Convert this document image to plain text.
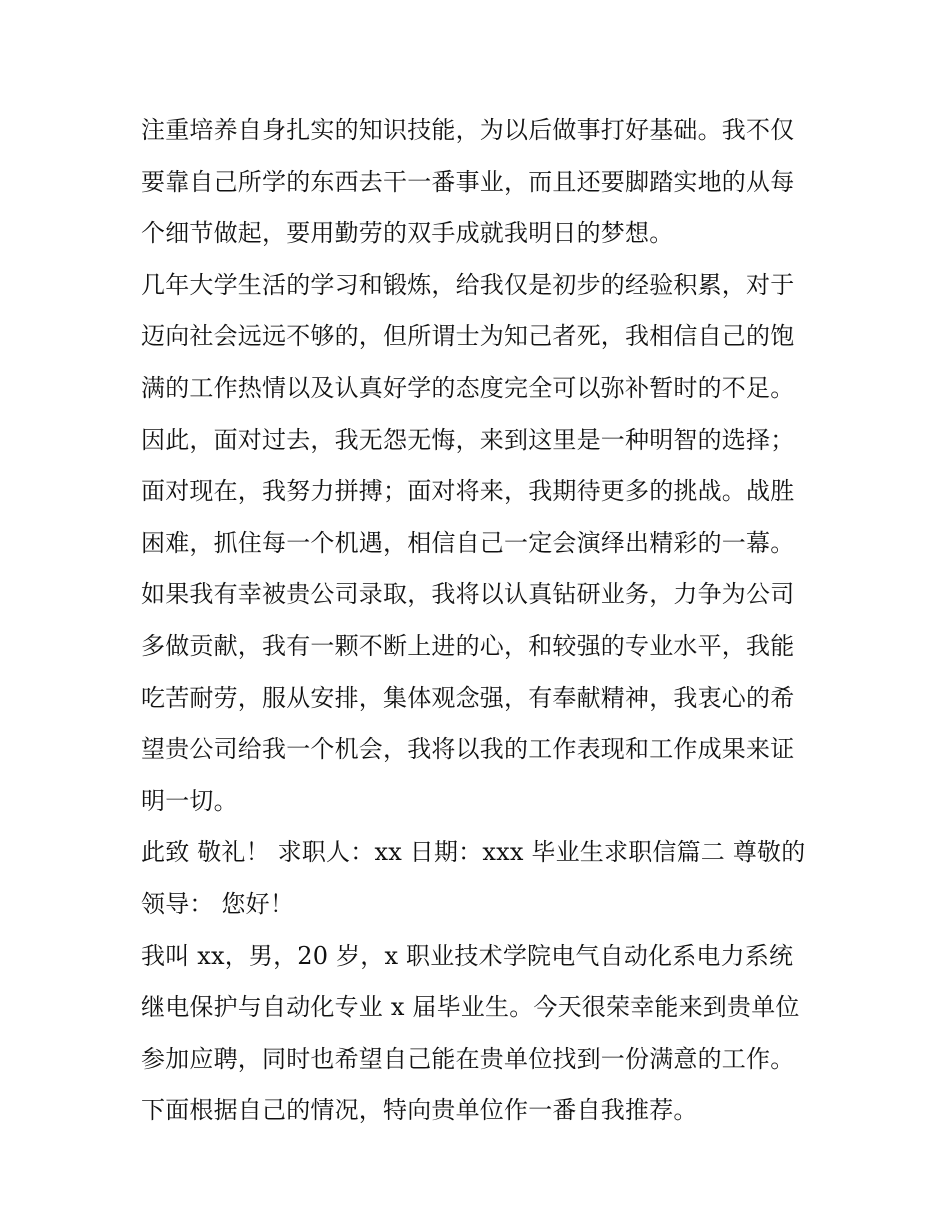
注重培养自身扎实的知识技能，为以后做事打好基础。我不仅
要靠自己所学的东西去干一番事业，而且还要脚踏实地的从每
个细节做起，要用勤劳的双手成就我明日的梦想。
几年大学生活的学习和锻炼，给我仅是初步的经验积累，对于
迈向社会远远不够的，但所谓士为知己者死，我相信自己的饱
满的工作热情以及认真好学的态度完全可以弥补暂时的不足。
因此，面对过去，我无怨无悔，来到这里是一种明智的选择；
面对现在，我努力拼搏；面对将来，我期待更多的挑战。战胜
困难，抓住每一个机遇，相信自己一定会演绎出精彩的一幕。
如果我有幸被贵公司录取，我将以认真钻研业务，力争为公司
多做贡献，我有一颗不断上进的心，和较强的专业水平，我能
吃苦耐劳，服从安排，集体观念强，有奉献精神，我衷心的希
望贵公司给我一个机会，我将以我的工作表现和工作成果来证
明一切。
此致 敬礼！ 求职人：xx 日期：xxx 毕业生求职信篇二 尊敬的
领导： 您好！
我叫 xx，男，20 岁，x 职业技术学院电气自动化系电力系统
继电保护与自动化专业 x 届毕业生。今天很荣幸能来到贵单位
参加应聘，同时也希望自己能在贵单位找到一份满意的工作。
下面根据自己的情况，特向贵单位作一番自我推荐。
